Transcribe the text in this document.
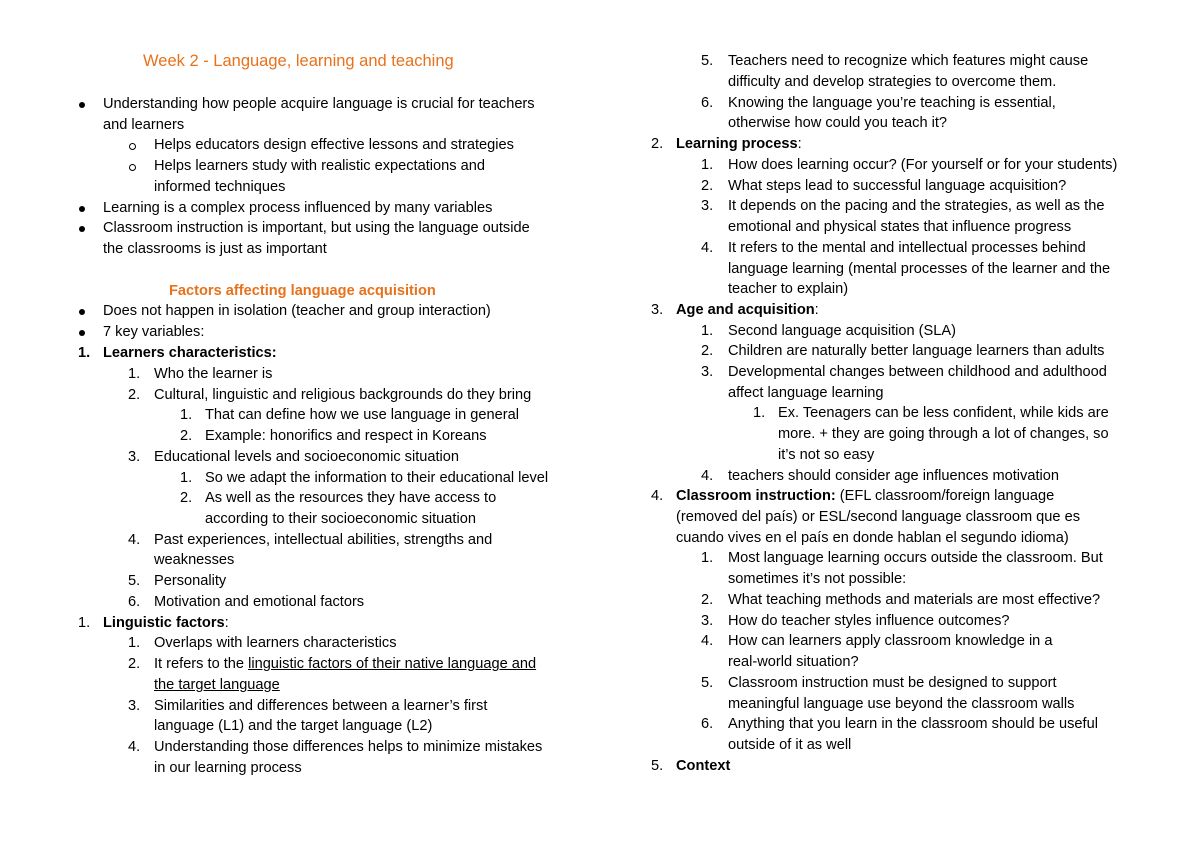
Week 2 - Language, learning and teaching
Understanding how people acquire language is crucial for teachers
and learners
Helps educators design effective lessons and strategies
Helps learners study with realistic expectations and
informed techniques
Learning is a complex process influenced by many variables
Classroom instruction is important, but using the language outside
the classrooms is just as important
Factors affecting language acquisition
Does not happen in isolation (teacher and group interaction)
7 key variables:
1. Learners characteristics:
1. Who the learner is
2. Cultural, linguistic and religious backgrounds do they bring
1. That can define how we use language in general
2. Example: honorifics and respect in Koreans
3. Educational levels and socioeconomic situation
1. So we adapt the information to their educational level
2. As well as the resources they have access to
according to their socioeconomic situation
4. Past experiences, intellectual abilities, strengths and
weaknesses
5. Personality
6. Motivation and emotional factors
1. Linguistic factors:
1. Overlaps with learners characteristics
2. It refers to the linguistic factors of their native language and
the target language
3. Similarities and differences between a learner’s first
language (L1) and the target language (L2)
4. Understanding those differences helps to minimize mistakes
in our learning process
5. Teachers need to recognize which features might cause
difficulty and develop strategies to overcome them.
6. Knowing the language you’re teaching is essential,
otherwise how could you teach it?
2. Learning process:
1. How does learning occur? (For yourself or for your students)
2. What steps lead to successful language acquisition?
3. It depends on the pacing and the strategies, as well as the
emotional and physical states that influence progress
4. It refers to the mental and intellectual processes behind
language learning (mental processes of the learner and the
teacher to explain)
3. Age and acquisition:
1. Second language acquisition (SLA)
2. Children are naturally better language learners than adults
3. Developmental changes between childhood and adulthood
affect language learning
1. Ex. Teenagers can be less confident, while kids are
more. + they are going through a lot of changes, so
it’s not so easy
4. teachers should consider age influences motivation
4. Classroom instruction: (EFL classroom/foreign language
(removed del país) or ESL/second language classroom que es
cuando vives en el país en donde hablan el segundo idioma)
1. Most language learning occurs outside the classroom. But
sometimes it’s not possible:
2. What teaching methods and materials are most effective?
3. How do teacher styles influence outcomes?
4. How can learners apply classroom knowledge in a
real-world situation?
5. Classroom instruction must be designed to support
meaningful language use beyond the classroom walls
6. Anything that you learn in the classroom should be useful
outside of it as well
5. Context
